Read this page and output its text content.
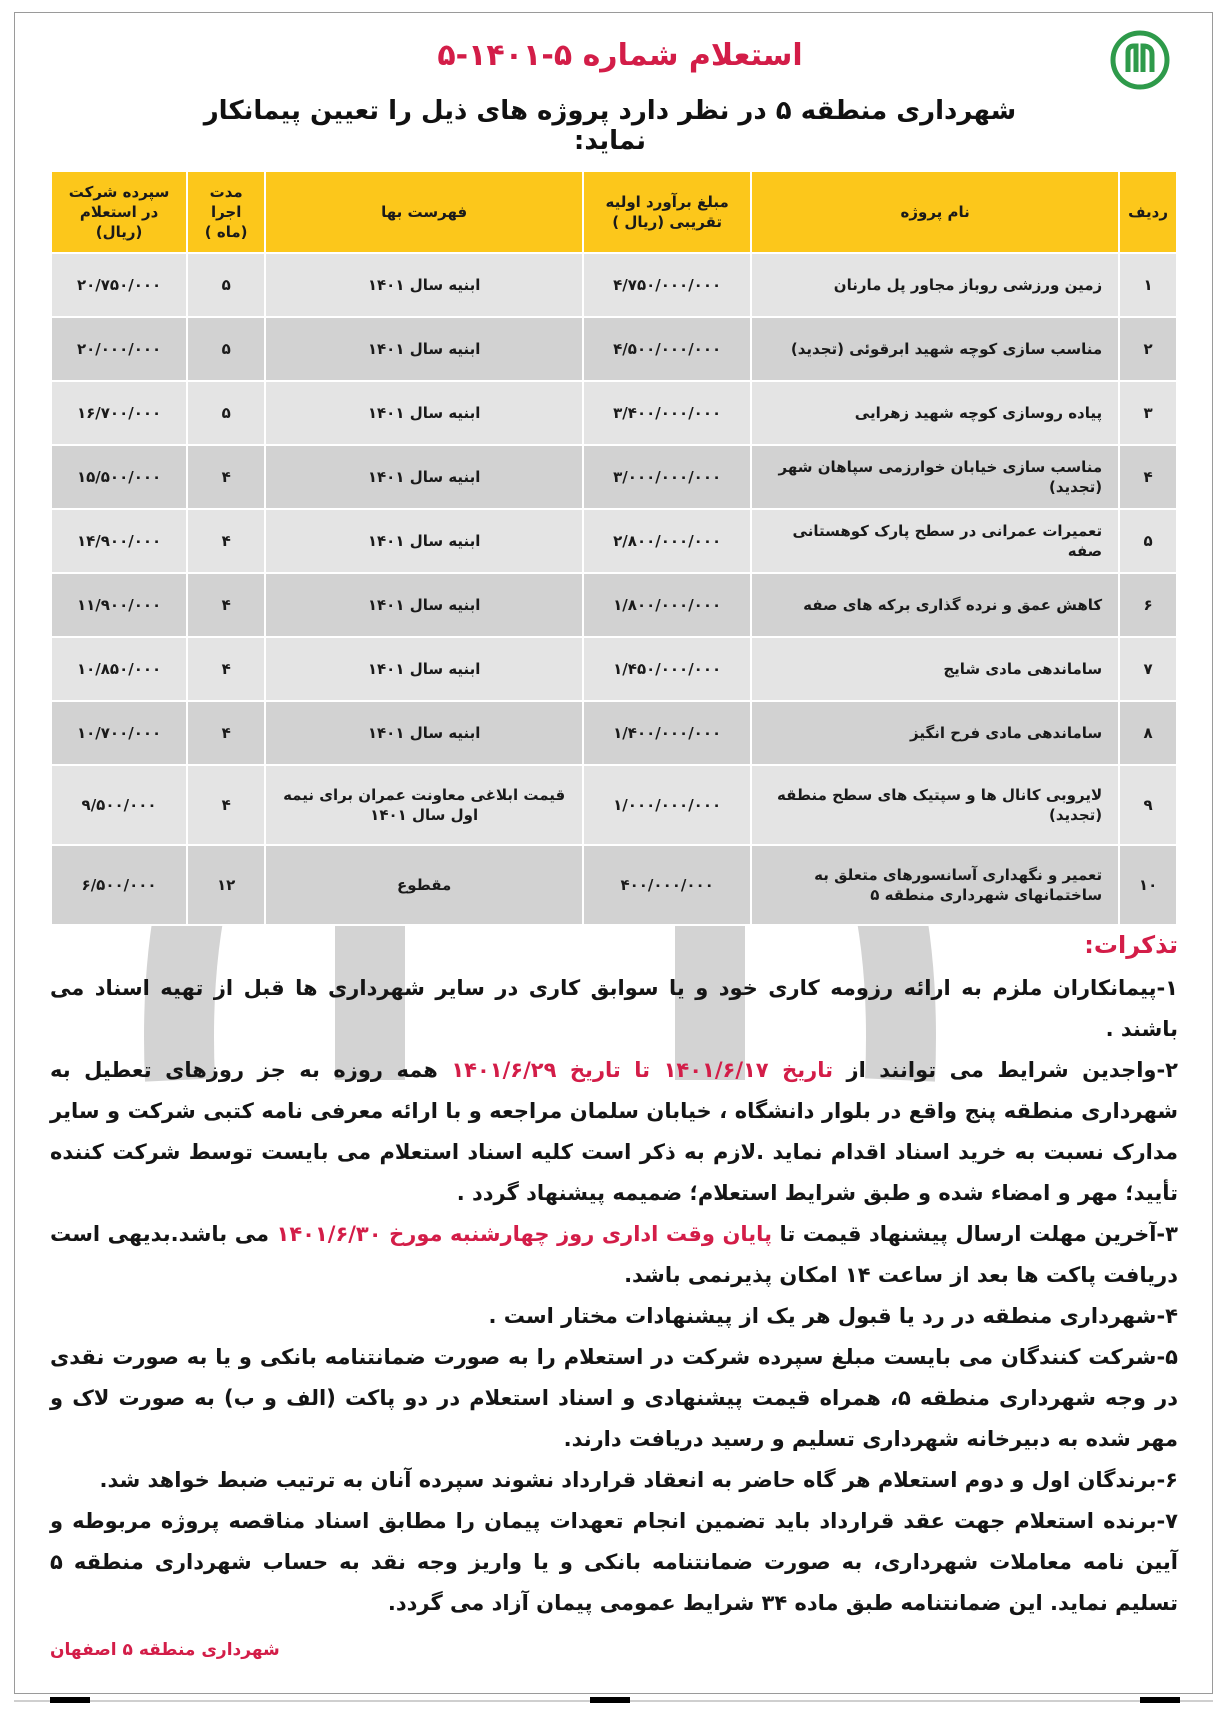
استعلام شماره ۵-۱۴۰۱-۵
شهرداری منطقه ۵ در نظر دارد پروژه های ذیل را تعیین پیمانکار نماید:
ردیف	نام پروژه	مبلغ برآورد اولیه تقریبی (ریال )	فهرست بها	مدت اجرا (ماه )	سپرده شرکت در استعلام (ریال)
۱	زمین ورزشی روباز مجاور پل مارنان	۴/۷۵۰/۰۰۰/۰۰۰	ابنیه سال ۱۴۰۱	۵	۲۰/۷۵۰/۰۰۰
۲	مناسب سازی کوچه شهید ابرقوئی (تجدید)	۴/۵۰۰/۰۰۰/۰۰۰	ابنیه سال ۱۴۰۱	۵	۲۰/۰۰۰/۰۰۰
۳	پیاده روسازی کوچه شهید زهرایی	۳/۴۰۰/۰۰۰/۰۰۰	ابنیه سال ۱۴۰۱	۵	۱۶/۷۰۰/۰۰۰
۴	مناسب سازی خیابان خوارزمی سپاهان شهر (تجدید)	۳/۰۰۰/۰۰۰/۰۰۰	ابنیه سال ۱۴۰۱	۴	۱۵/۵۰۰/۰۰۰
۵	تعمیرات عمرانی در سطح پارک کوهستانی صفه	۲/۸۰۰/۰۰۰/۰۰۰	ابنیه سال ۱۴۰۱	۴	۱۴/۹۰۰/۰۰۰
۶	کاهش عمق و نرده گذاری برکه های صفه	۱/۸۰۰/۰۰۰/۰۰۰	ابنیه سال ۱۴۰۱	۴	۱۱/۹۰۰/۰۰۰
۷	ساماندهی مادی شایج	۱/۴۵۰/۰۰۰/۰۰۰	ابنیه سال ۱۴۰۱	۴	۱۰/۸۵۰/۰۰۰
۸	ساماندهی مادی فرح انگیز	۱/۴۰۰/۰۰۰/۰۰۰	ابنیه سال ۱۴۰۱	۴	۱۰/۷۰۰/۰۰۰
۹	لایروبی کانال ها و سپتیک های سطح منطقه (تجدید)	۱/۰۰۰/۰۰۰/۰۰۰	قیمت ابلاغی معاونت عمران برای نیمه اول سال ۱۴۰۱	۴	۹/۵۰۰/۰۰۰
۱۰	تعمیر و نگهداری آسانسورهای متعلق به ساختمانهای شهرداری منطقه ۵	۴۰۰/۰۰۰/۰۰۰	مقطوع	۱۲	۶/۵۰۰/۰۰۰
تذکرات:
۱-پیمانکاران ملزم به ارائه رزومه کاری خود و یا سوابق کاری در سایر شهرداری ها قبل از تهیه اسناد می باشند .
۲-واجدین شرایط می توانند از تاریخ ۱۴۰۱/۶/۱۷ تا تاریخ ۱۴۰۱/۶/۲۹ همه روزه به جز روزهای تعطیل به شهرداری منطقه پنج واقع در بلوار دانشگاه ، خیابان سلمان مراجعه و با ارائه معرفی نامه کتبی شرکت و سایر مدارک نسبت به خرید اسناد اقدام نماید .لازم به ذکر است کلیه اسناد استعلام می بایست توسط شرکت کننده تأیید؛ مهر و امضاء شده و طبق شرایط استعلام؛ ضمیمه پیشنهاد گردد .
۳-آخرین مهلت ارسال پیشنهاد قیمت تا پایان وقت اداری روز چهارشنبه مورخ ۱۴۰۱/۶/۳۰ می باشد.بدیهی است دریافت پاکت ها بعد از ساعت ۱۴ امکان پذیرنمی باشد.
۴-شهرداری منطقه در رد یا قبول هر یک از پیشنهادات مختار است .
۵-شرکت کنندگان می بایست مبلغ سپرده شرکت در استعلام را به صورت ضمانتنامه بانکی و یا به صورت نقدی در وجه شهرداری منطقه ۵، همراه قیمت پیشنهادی و اسناد استعلام در دو پاکت (الف و ب) به صورت لاک و مهر شده به دبیرخانه شهرداری تسلیم و رسید دریافت دارند.
۶-برندگان اول و دوم استعلام هر گاه حاضر به انعقاد قرارداد نشوند سپرده آنان به ترتیب ضبط خواهد شد.
۷-برنده استعلام جهت عقد قرارداد باید تضمین انجام تعهدات پیمان را مطابق اسناد مناقصه پروژه مربوطه و آیین نامه معاملات شهرداری، به صورت ضمانتنامه بانکی و یا واریز وجه نقد به حساب شهرداری منطقه ۵ تسلیم نماید. این ضمانتنامه طبق ماده ۳۴ شرایط عمومی پیمان آزاد می گردد.
شهرداری منطقه ۵ اصفهان
